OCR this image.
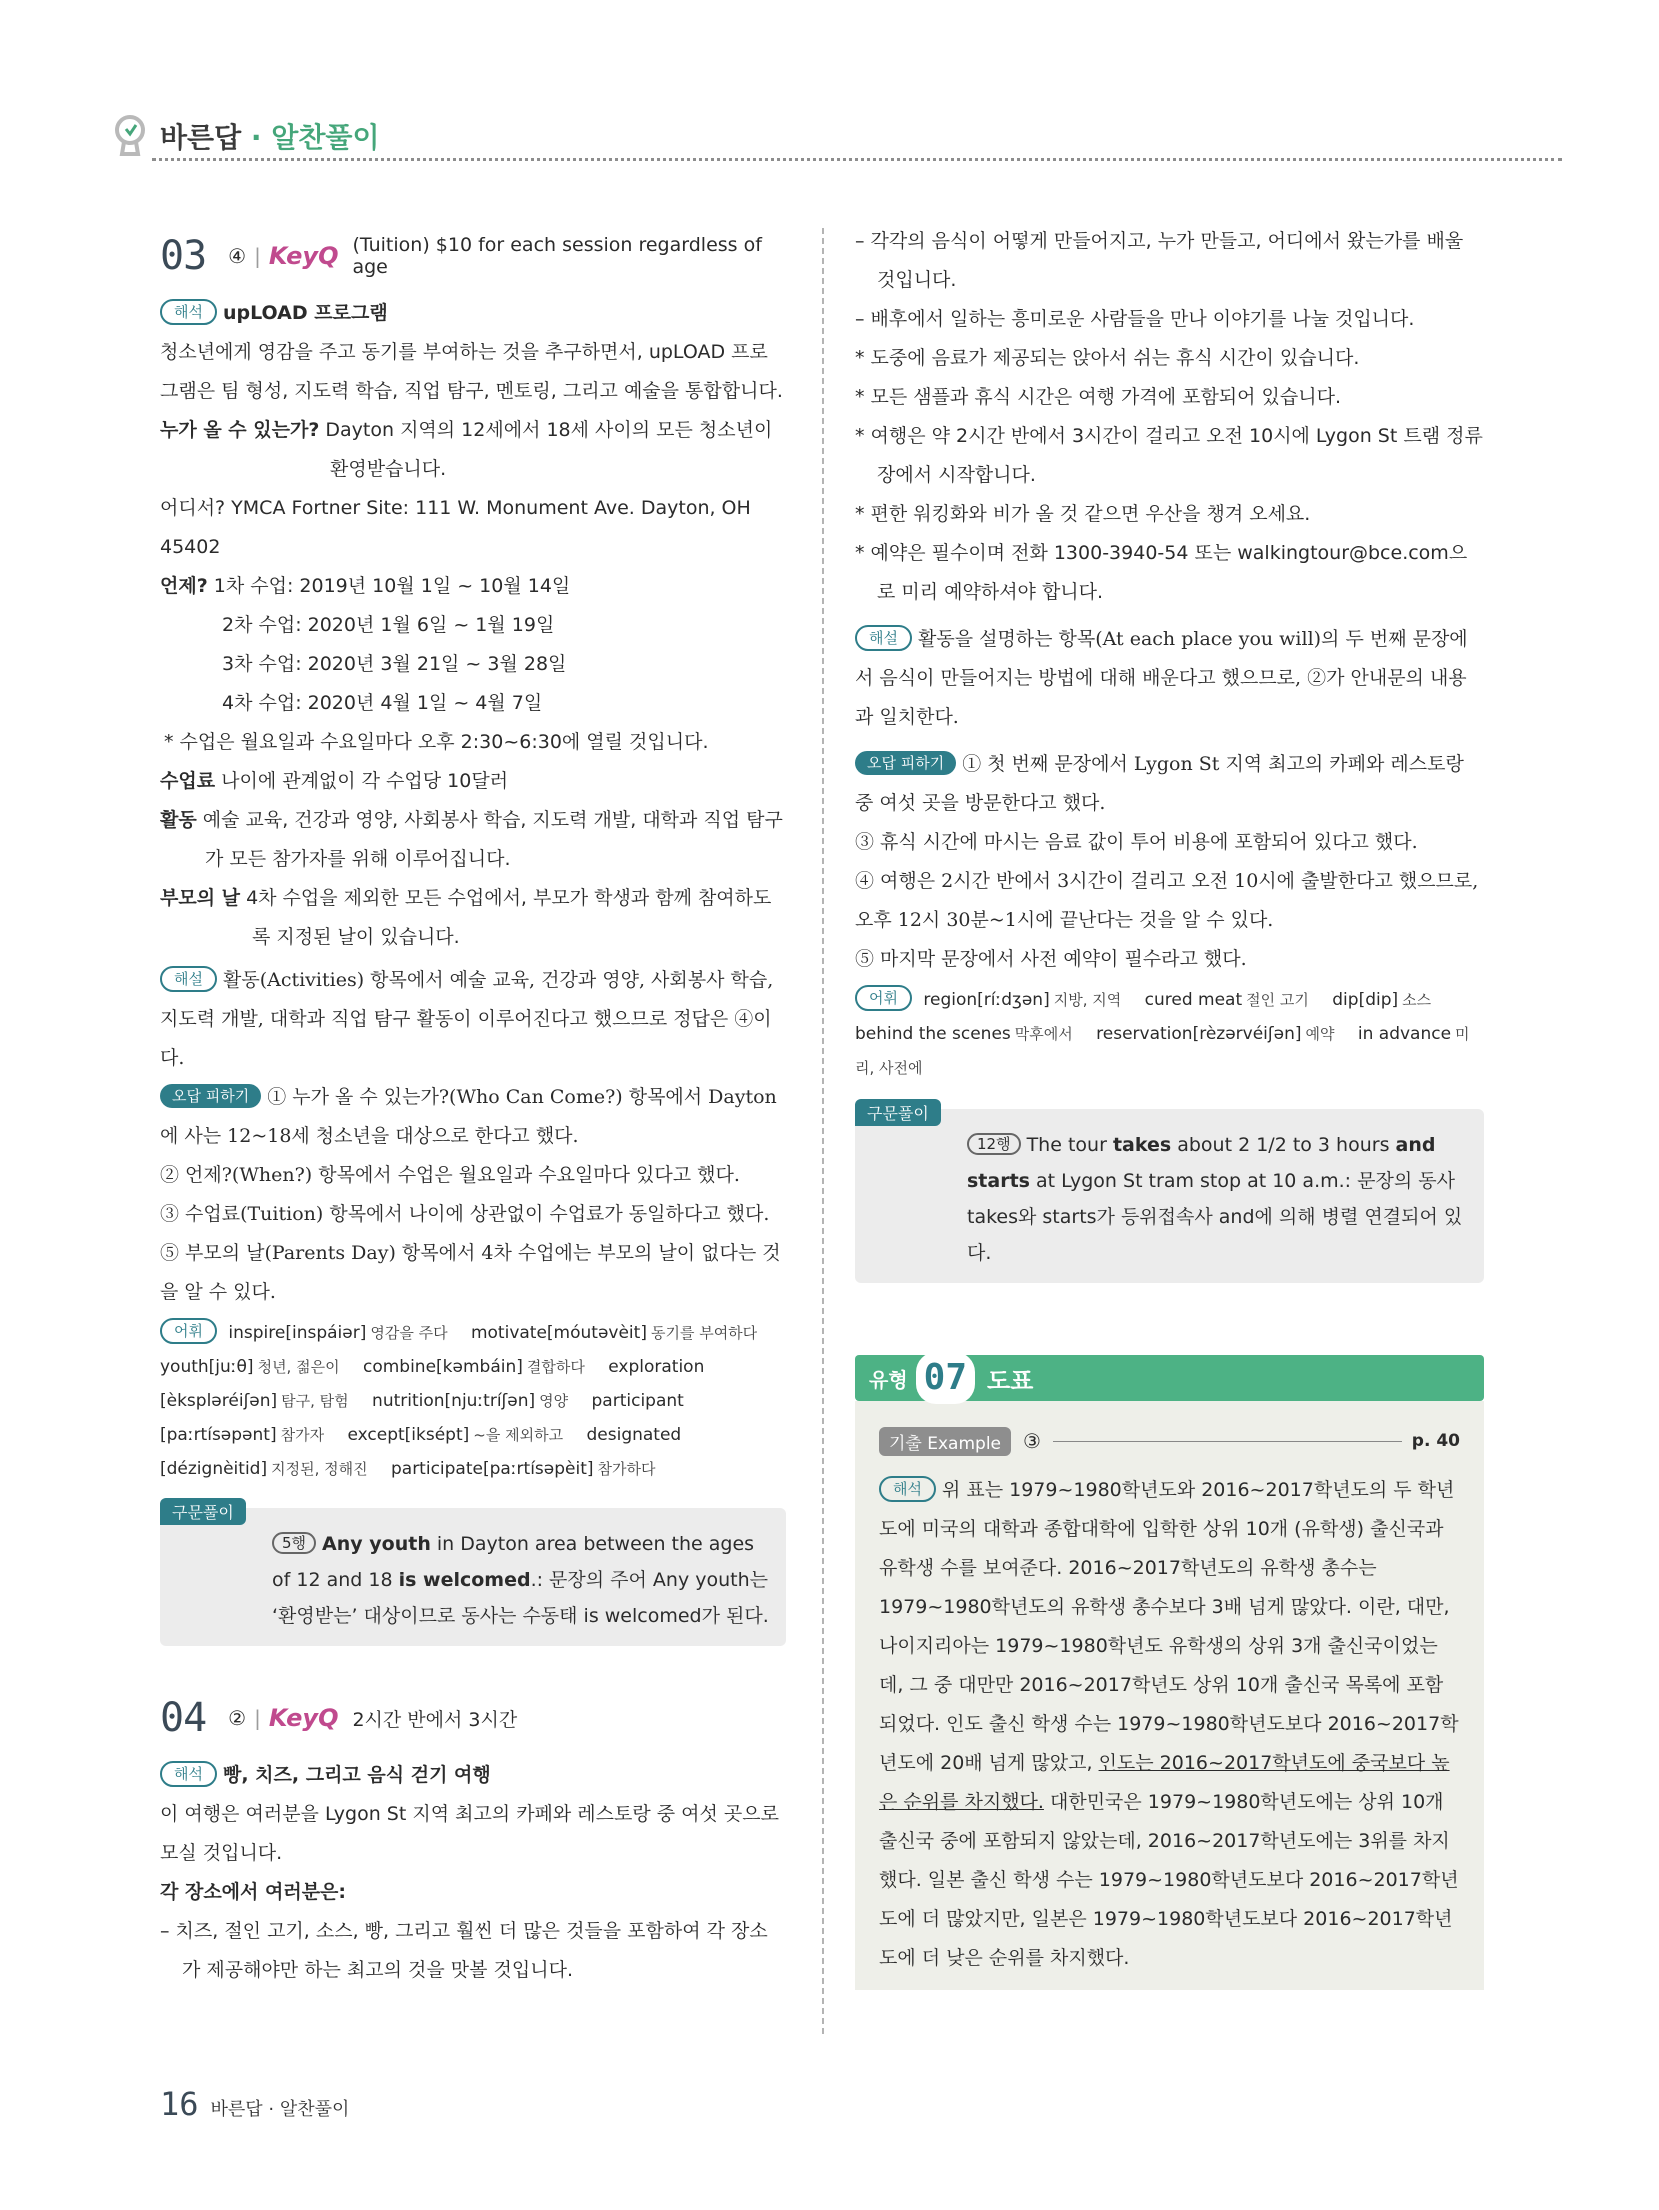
바른답 · 알찬풀이
03 ④ | KeyQ (Tuition) $10 for each session regardless of age
해석 upLOAD 프로그램
청소년에게 영감을 주고 동기를 부여하는 것을 추구하면서, upLOAD 프로그램은 팀 형성, 지도력 학습, 직업 탐구, 멘토링, 그리고 예술을 통합합니다.
누가 올 수 있는가? Dayton 지역의 12세에서 18세 사이의 모든 청소년이 환영받습니다.
어디서? YMCA Fortner Site: 111 W. Monument Ave. Dayton, OH 45402
언제? 1차 수업: 2019년 10월 1일 ~ 10월 14일
2차 수업: 2020년 1월 6일 ~ 1월 19일
3차 수업: 2020년 3월 21일 ~ 3월 28일
4차 수업: 2020년 4월 1일 ~ 4월 7일
* 수업은 월요일과 수요일마다 오후 2:30~6:30에 열릴 것입니다.
수업료 나이에 관계없이 각 수업당 10달러
활동 예술 교육, 건강과 영양, 사회봉사 학습, 지도력 개발, 대학과 직업 탐구가 모든 참가자를 위해 이루어집니다.
부모의 날 4차 수업을 제외한 모든 수업에서, 부모가 학생과 함께 참여하도록 지정된 날이 있습니다.
해설 활동(Activities) 항목에서 예술 교육, 건강과 영양, 사회봉사 학습, 지도력 개발, 대학과 직업 탐구 활동이 이루어진다고 했으므로 정답은 ④이다.
오답 피하기 ① 누가 올 수 있는가?(Who Can Come?) 항목에서 Dayton에 사는 12~18세 청소년을 대상으로 한다고 했다.
② 언제?(When?) 항목에서 수업은 월요일과 수요일마다 있다고 했다.
③ 수업료(Tuition) 항목에서 나이에 상관없이 수업료가 동일하다고 했다.
⑤ 부모의 날(Parents Day) 항목에서 4차 수업에는 부모의 날이 없다는 것을 알 수 있다.
어휘 inspire[inspáiər] 영감을 주다 motivate[móutəvèit] 동기를 부여하다 youth[juːθ] 청년, 젊은이 combine[kəmbáin] 결합하다 exploration [èkspləréiʃən] 탐구, 탐험 nutrition[njuːtríʃən] 영양 participant [paːrtísəpənt] 참가자 except[iksépt] ~을 제외하고 designated [dézignèitid] 지정된, 정해진 participate[paːrtísəpèit] 참가하다
구문풀이
5행 Any youth in Dayton area between the ages of 12 and 18 is welcomed.: 문장의 주어 Any youth는 ‘환영받는’ 대상이므로 동사는 수동태 is welcomed가 된다.
04 ② | KeyQ 2시간 반에서 3시간
해석 빵, 치즈, 그리고 음식 걷기 여행
이 여행은 여러분을 Lygon St 지역 최고의 카페와 레스토랑 중 여섯 곳으로 모실 것입니다.
각 장소에서 여러분은:
– 치즈, 절인 고기, 소스, 빵, 그리고 훨씬 더 많은 것들을 포함하여 각 장소가 제공해야만 하는 최고의 것을 맛볼 것입니다.
– 각각의 음식이 어떻게 만들어지고, 누가 만들고, 어디에서 왔는가를 배울 것입니다.
– 배후에서 일하는 흥미로운 사람들을 만나 이야기를 나눌 것입니다.
* 도중에 음료가 제공되는 앉아서 쉬는 휴식 시간이 있습니다.
* 모든 샘플과 휴식 시간은 여행 가격에 포함되어 있습니다.
* 여행은 약 2시간 반에서 3시간이 걸리고 오전 10시에 Lygon St 트램 정류장에서 시작합니다.
* 편한 워킹화와 비가 올 것 같으면 우산을 챙겨 오세요.
* 예약은 필수이며 전화 1300-3940-54 또는 walkingtour@bce.com으로 미리 예약하셔야 합니다.
해설 활동을 설명하는 항목(At each place you will)의 두 번째 문장에서 음식이 만들어지는 방법에 대해 배운다고 했으므로, ②가 안내문의 내용과 일치한다.
오답 피하기 ① 첫 번째 문장에서 Lygon St 지역 최고의 카페와 레스토랑 중 여섯 곳을 방문한다고 했다.
③ 휴식 시간에 마시는 음료 값이 투어 비용에 포함되어 있다고 했다.
④ 여행은 2시간 반에서 3시간이 걸리고 오전 10시에 출발한다고 했으므로, 오후 12시 30분~1시에 끝난다는 것을 알 수 있다.
⑤ 마지막 문장에서 사전 예약이 필수라고 했다.
어휘 region[ríːdʒən] 지방, 지역 cured meat 절인 고기 dip[dip] 소스 behind the scenes 막후에서 reservation[rèzərvéiʃən] 예약 in advance 미리, 사전에
구문풀이
12행 The tour takes about 2 1/2 to 3 hours and starts at Lygon St tram stop at 10 a.m.: 문장의 동사 takes와 starts가 등위접속사 and에 의해 병렬 연결되어 있다.
유형 07 도표
기출 Example	③	p. 40
해석 위 표는 1979~1980학년도와 2016~2017학년도의 두 학년도에 미국의 대학과 종합대학에 입학한 상위 10개 (유학생) 출신국과 유학생 수를 보여준다. 2016~2017학년도의 유학생 총수는 1979~1980학년도의 유학생 총수보다 3배 넘게 많았다. 이란, 대만, 나이지리아는 1979~1980학년도 유학생의 상위 3개 출신국이었는데, 그 중 대만만 2016~2017학년도 상위 10개 출신국 목록에 포함되었다. 인도 출신 학생 수는 1979~1980학년도보다 2016~2017학년도에 20배 넘게 많았고, 인도는 2016~2017학년도에 중국보다 높은 순위를 차지했다. 대한민국은 1979~1980학년도에는 상위 10개 출신국 중에 포함되지 않았는데, 2016~2017학년도에는 3위를 차지했다. 일본 출신 학생 수는 1979~1980학년도보다 2016~2017학년도에 더 많았지만, 일본은 1979~1980학년도보다 2016~2017학년도에 더 낮은 순위를 차지했다.
16 바른답 · 알찬풀이
